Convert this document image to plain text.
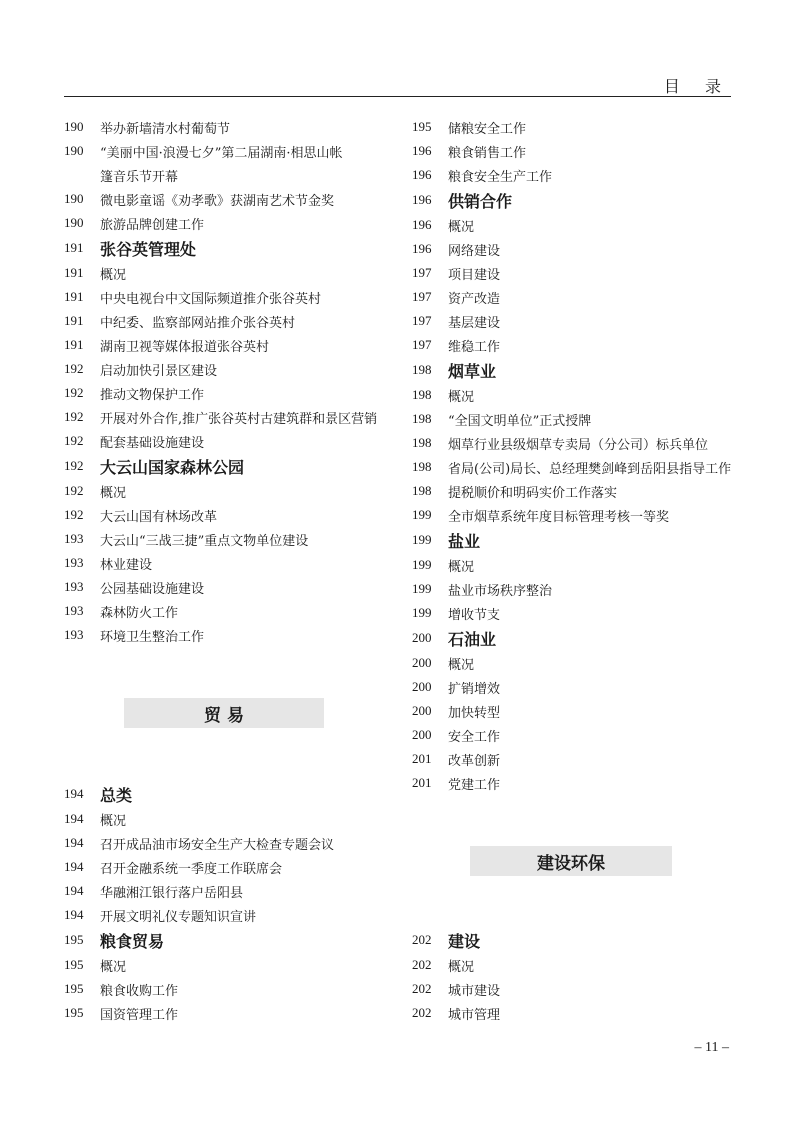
目 录
190	举办新墙清水村葡萄节
190	“美丽中国·浪漫七夕”第二届湖南·相思山帐
篷音乐节开幕
190	微电影童谣《劝孝歌》获湖南艺术节金奖
190	旅游品牌创建工作
191	张谷英管理处
191	概况
191	中央电视台中文国际频道推介张谷英村
191	中纪委、监察部网站推介张谷英村
191	湖南卫视等媒体报道张谷英村
192	启动加快引景区建设
192	推动文物保护工作
192	开展对外合作,推广张谷英村古建筑群和景区营销
192	配套基础设施建设
192	大云山国家森林公园
192	概况
192	大云山国有林场改革
193	大云山“三战三捷”重点文物单位建设
193	林业建设
193	公园基础设施建设
193	森林防火工作
193	环境卫生整治工作
贸 易
194	总类
194	概况
194	召开成品油市场安全生产大检查专题会议
194	召开金融系统一季度工作联席会
194	华融湘江银行落户岳阳县
194	开展文明礼仪专题知识宣讲
195	粮食贸易
195	概况
195	粮食收购工作
195	国资管理工作
195	储粮安全工作
196	粮食销售工作
196	粮食安全生产工作
196	供销合作
196	概况
196	网络建设
197	项目建设
197	资产改造
197	基层建设
197	维稳工作
198	烟草业
198	概况
198	“全国文明单位”正式授牌
198	烟草行业县级烟草专卖局（分公司）标兵单位
198	省局(公司)局长、总经理樊剑峰到岳阳县指导工作
198	提税顺价和明码实价工作落实
199	全市烟草系统年度目标管理考核一等奖
199	盐业
199	概况
199	盐业市场秩序整治
199	增收节支
200	石油业
200	概况
200	扩销增效
200	加快转型
200	安全工作
201	改革创新
201	党建工作
建设环保
202	建设
202	概况
202	城市建设
202	城市管理
– 11 –
